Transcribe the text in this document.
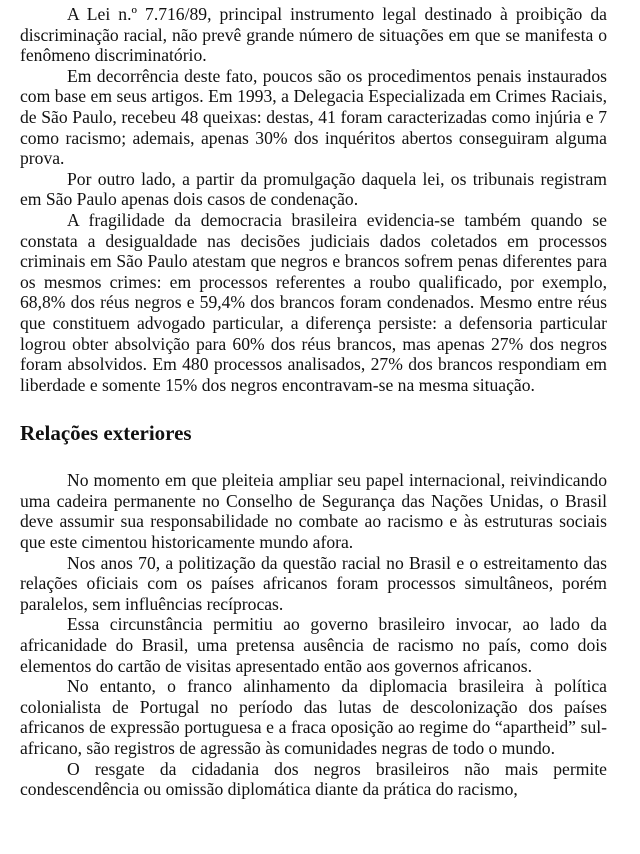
A Lei n.º 7.716/89, principal instrumento legal destinado à proibição da discriminação racial, não prevê grande número de situações em que se manifesta o fenômeno discriminatório.

Em decorrência deste fato, poucos são os procedimentos penais instaurados com base em seus artigos. Em 1993, a Delegacia Especializada em Crimes Raciais, de São Paulo, recebeu 48 queixas: destas, 41 foram caracterizadas como injúria e 7 como racismo; ademais, apenas 30% dos inquéritos abertos conseguiram alguma prova.

Por outro lado, a partir da promulgação daquela lei, os tribunais registram em São Paulo apenas dois casos de condenação.

A fragilidade da democracia brasileira evidencia-se também quando se constata a desigualdade nas decisões judiciais dados coletados em processos criminais em São Paulo atestam que negros e brancos sofrem penas diferentes para os mesmos crimes: em processos referentes a roubo qualificado, por exemplo, 68,8% dos réus negros e 59,4% dos brancos foram condenados. Mesmo entre réus que constituem advogado particular, a diferença persiste: a defensoria particular logrou obter absolvição para 60% dos réus brancos, mas apenas 27% dos negros foram absolvidos. Em 480 processos analisados, 27% dos brancos respondiam em liberdade e somente 15% dos negros encontravam-se na mesma situação.

Relações exteriores

No momento em que pleiteia ampliar seu papel internacional, reivindicando uma cadeira permanente no Conselho de Segurança das Nações Unidas, o Brasil deve assumir sua responsabilidade no combate ao racismo e às estruturas sociais que este cimentou historicamente mundo afora.

Nos anos 70, a politização da questão racial no Brasil e o estreitamento das relações oficiais com os países africanos foram processos simultâneos, porém paralelos, sem influências recíprocas.

Essa circunstância permitiu ao governo brasileiro invocar, ao lado da africanidade do Brasil, uma pretensa ausência de racismo no país, como dois elementos do cartão de visitas apresentado então aos governos africanos.

No entanto, o franco alinhamento da diplomacia brasileira à política colonialista de Portugal no período das lutas de descolonização dos países africanos de expressão portuguesa e a fraca oposição ao regime do “apartheid” sul-africano, são registros de agressão às comunidades negras de todo o mundo.

O resgate da cidadania dos negros brasileiros não mais permite condescendência ou omissão diplomática diante da prática do racismo,
